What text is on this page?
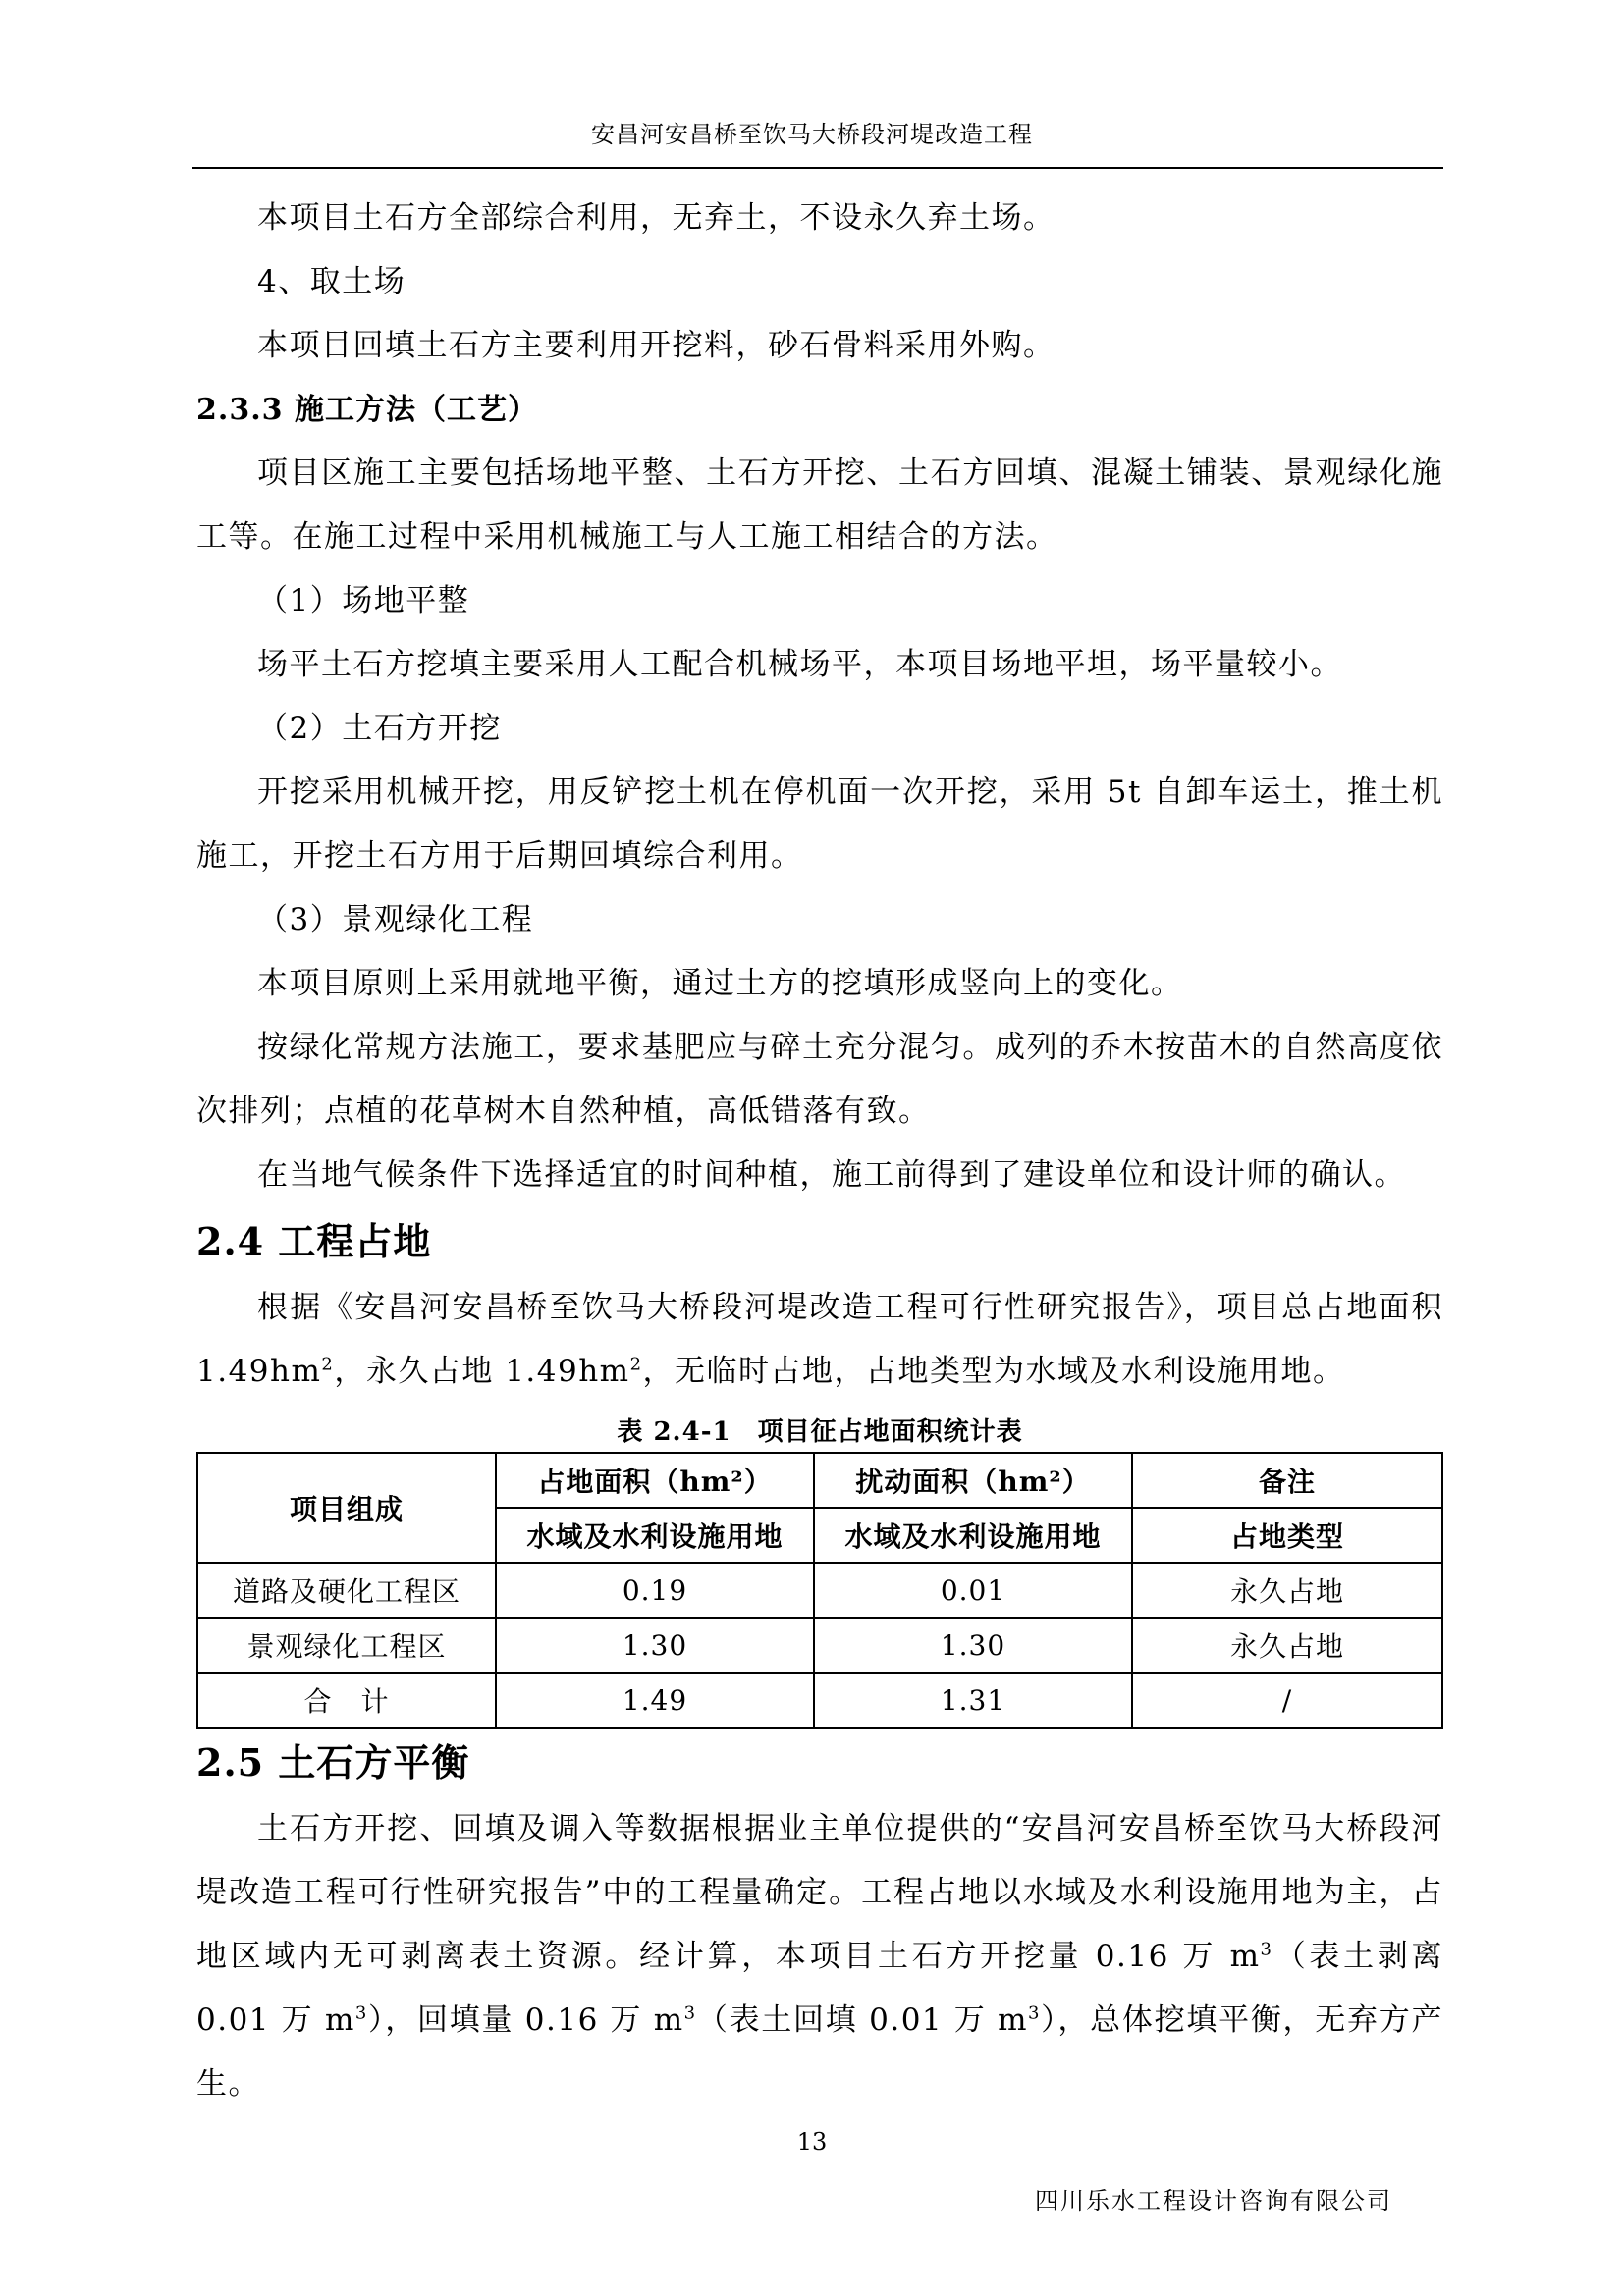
安昌河安昌桥至饮马大桥段河堤改造工程

本项目土石方全部综合利用，无弃土，不设永久弃土场。

4、取土场

本项目回填土石方主要利用开挖料，砂石骨料采用外购。

2.3.3 施工方法（工艺）

项目区施工主要包括场地平整、土石方开挖、土石方回填、混凝土铺装、景观绿化施工等。在施工过程中采用机械施工与人工施工相结合的方法。

（1）场地平整

场平土石方挖填主要采用人工配合机械场平，本项目场地平坦，场平量较小。

（2）土石方开挖

开挖采用机械开挖，用反铲挖土机在停机面一次开挖，采用 5t 自卸车运土，推土机施工，开挖土石方用于后期回填综合利用。

（3）景观绿化工程

本项目原则上采用就地平衡，通过土方的挖填形成竖向上的变化。

按绿化常规方法施工，要求基肥应与碎土充分混匀。成列的乔木按苗木的自然高度依次排列；点植的花草树木自然种植，高低错落有致。

在当地气候条件下选择适宜的时间种植，施工前得到了建设单位和设计师的确认。

2.4 工程占地

根据《安昌河安昌桥至饮马大桥段河堤改造工程可行性研究报告》，项目总占地面积 $1.49hm^2$，永久占地 $1.49hm^2$，无临时占地，占地类型为水域及水利设施用地。

表 2.4-1　项目征占地面积统计表
项目组成	占地面积（hm²）	扰动面积（hm²）	备注
	水域及水利设施用地	水域及水利设施用地	占地类型
道路及硬化工程区	0.19	0.01	永久占地
景观绿化工程区	1.30	1.30	永久占地
合　计	1.49	1.31	/

2.5 土石方平衡

土石方开挖、回填及调入等数据根据业主单位提供的“安昌河安昌桥至饮马大桥段河堤改造工程可行性研究报告”中的工程量确定。工程占地以水域及水利设施用地为主，占地区域内无可剥离表土资源。经计算，本项目土石方开挖量 0.16 万 $m^3$（表土剥离 0.01 万 $m^3$），回填量 0.16 万 $m^3$（表土回填 0.01 万 $m^3$），总体挖填平衡，无弃方产生。

13
四川乐水工程设计咨询有限公司
